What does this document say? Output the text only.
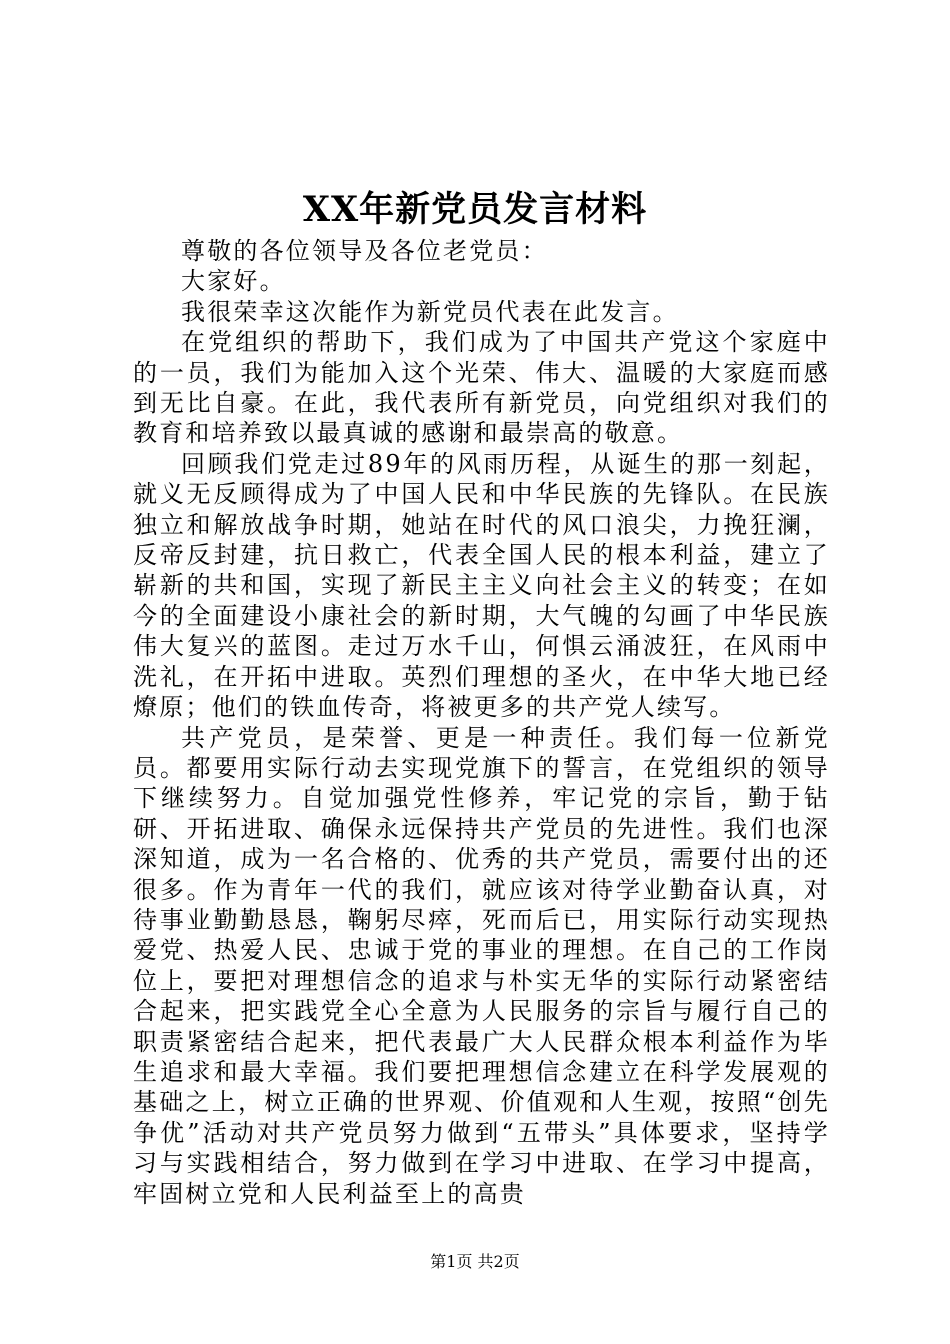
XX年新党员发言材料

尊敬的各位领导及各位老党员：

大家好。

我很荣幸这次能作为新党员代表在此发言。

在党组织的帮助下，我们成为了中国共产党这个家庭中的一员，我们为能加入这个光荣、伟大、温暖的大家庭而感到无比自豪。在此，我代表所有新党员，向党组织对我们的教育和培养致以最真诚的感谢和最崇高的敬意。

回顾我们党走过89年的风雨历程，从诞生的那一刻起，就义无反顾得成为了中国人民和中华民族的先锋队。在民族独立和解放战争时期，她站在时代的风口浪尖，力挽狂澜，反帝反封建，抗日救亡，代表全国人民的根本利益，建立了崭新的共和国，实现了新民主主义向社会主义的转变；在如今的全面建设小康社会的新时期，大气魄的勾画了中华民族伟大复兴的蓝图。走过万水千山，何惧云涌波狂，在风雨中洗礼，在开拓中进取。英烈们理想的圣火，在中华大地已经燎原；他们的铁血传奇，将被更多的共产党人续写。

共产党员，是荣誉、更是一种责任。我们每一位新党员。都要用实际行动去实现党旗下的誓言，在党组织的领导下继续努力。自觉加强党性修养，牢记党的宗旨，勤于钻研、开拓进取、确保永远保持共产党员的先进性。我们也深深知道，成为一名合格的、优秀的共产党员，需要付出的还很多。作为青年一代的我们，就应该对待学业勤奋认真，对待事业勤勤恳恳，鞠躬尽瘁，死而后已，用实际行动实现热爱党、热爱人民、忠诚于党的事业的理想。在自己的工作岗位上，要把对理想信念的追求与朴实无华的实际行动紧密结合起来，把实践党全心全意为人民服务的宗旨与履行自己的职责紧密结合起来，把代表最广大人民群众根本利益作为毕生追求和最大幸福。我们要把理想信念建立在科学发展观的基础之上，树立正确的世界观、价值观和人生观，按照“创先争优”活动对共产党员努力做到“五带头”具体要求，坚持学习与实践相结合，努力做到在学习中进取、在学习中提高，牢固树立党和人民利益至上的高贵

第1页 共2页
